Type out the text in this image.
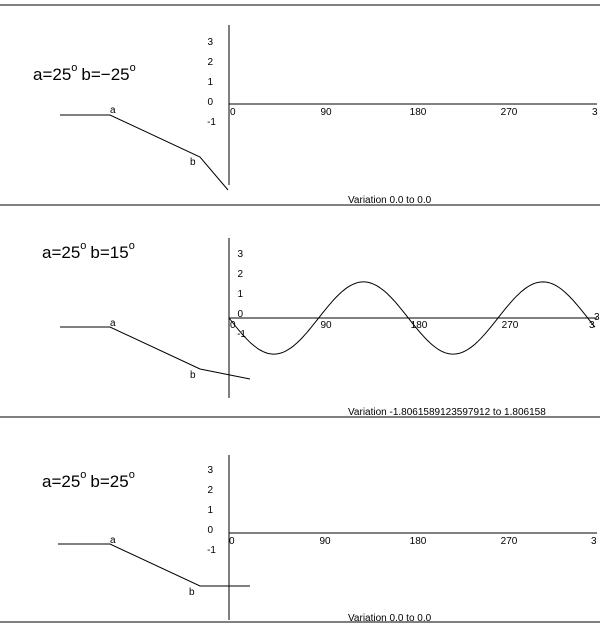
$a=25^o$ $b=-25^o$
a
b
3
2
1
0
-1
0	90	180	270	3
Variation 0.0 to 0.0
$a=25^o$ $b=15^o$
a
b
3
2
1
0
-1
0	90	180	270	3
3
Variation -1.8061589123597912 to 1.806158
$a=25^o$ $b=25^o$
a
b
3
2
1
0
-1
0	90	180	270	3
Variation 0.0 to 0.0
